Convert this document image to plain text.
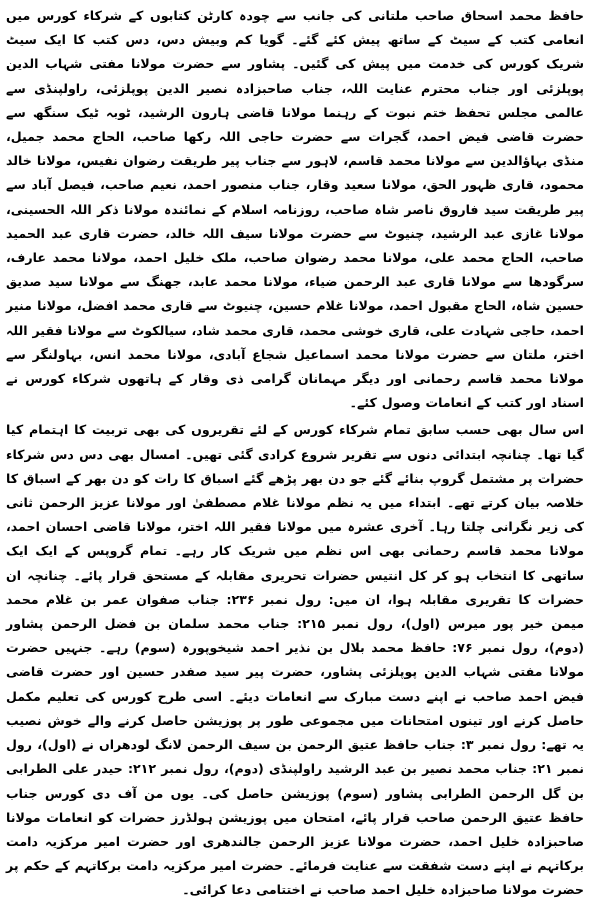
حافظ محمد اسحاق صاحب ملتانی کی جانب سے چودہ کارٹن کتابوں کے شرکاء کورس میں انعامی کتب کے سیٹ کے ساتھ پیش کئے گئے۔ گویا کم وبیش دس، دس کتب کا ایک سیٹ شریک کورس کی خدمت میں پیش کی گئیں۔ پشاور سے حضرت مولانا مفتی شہاب الدین پوپلزئی اور جناب محترم عنایت اللہ، جناب صاحبزادہ نصیر الدین پوپلزئی، راولپنڈی سے عالمی مجلس تحفظ ختم نبوت کے رہنما مولانا قاضی ہارون الرشید، ٹوبہ ٹیک سنگھ سے حضرت قاضی فیض احمد، گجرات سے حضرت حاجی اللہ رکھا صاحب، الحاج محمد جمیل، منڈی بہاؤالدین سے مولانا محمد قاسم، لاہور سے جناب پیر طریقت رضوان نفیس، مولانا خالد محمود، قاری ظہور الحق، مولانا سعید وقار، جناب منصور احمد، نعیم صاحب، فیصل آباد سے پیر طریقت سید فاروق ناصر شاہ صاحب، روزنامہ اسلام کے نمائندہ مولانا ذکر اللہ الحسینی، مولانا غازی عبد الرشید، چنیوٹ سے حضرت مولانا سیف اللہ خالد، حضرت قاری عبد الحمید صاحب، الحاج محمد علی، مولانا محمد رضوان صاحب، ملک خلیل احمد، مولانا محمد عارف، سرگودھا سے مولانا قاری عبد الرحمن ضیاء، مولانا محمد عابد، جھنگ سے مولانا سید صدیق حسین شاہ، الحاج مقبول احمد، مولانا غلام حسین، چنیوٹ سے قاری محمد افضل، مولانا منیر احمد، حاجی شہادت علی، قاری خوشی محمد، قاری محمد شاد، سیالکوٹ سے مولانا فقیر اللہ اختر، ملتان سے حضرت مولانا محمد اسماعیل شجاع آبادی، مولانا محمد انس، بہاولنگر سے مولانا محمد قاسم رحمانی اور دیگر مہمانان گرامی ذی وقار کے ہاتھوں شرکاء کورس نے اسناد اور کتب کے انعامات وصول کئے۔

اس سال بھی حسب سابق تمام شرکاء کورس کے لئے تقریروں کی بھی تربیت کا اہتمام کیا گیا تھا۔ چنانچہ ابتدائی دنوں سے تقریر شروع کرادی گئی تھیں۔ امسال بھی دس دس شرکاء حضرات پر مشتمل گروپ بنائے گئے جو دن بھر پڑھے گئے اسباق کا رات کو دن بھر کے اسباق کا خلاصہ بیان کرتے تھے۔ ابتداء میں یہ نظم مولانا غلام مصطفیٰ اور مولانا عزیز الرحمن ثانی کی زیر نگرانی چلتا رہا۔ آخری عشرہ میں مولانا فقیر اللہ اختر، مولانا قاضی احسان احمد، مولانا محمد قاسم رحمانی بھی اس نظم میں شریک کار رہے۔ تمام گروپس کے ایک ایک ساتھی کا انتخاب ہو کر کل انتیس حضرات تحریری مقابلہ کے مستحق قرار پائے۔ چنانچہ ان حضرات کا تقریری مقابلہ ہوا، ان میں: رول نمبر ۲۳۶: جناب صفوان عمر بن غلام محمد میمن خیر پور میرس (اول)، رول نمبر ۲۱۵: جناب محمد سلمان بن فضل الرحمن پشاور (دوم)، رول نمبر ۷۶: حافظ محمد بلال بن نذیر احمد شیخوپورہ (سوم) رہے۔ جنہیں حضرت مولانا مفتی شہاب الدین پوپلزئی پشاور، حضرت پیر سید صفدر حسین اور حضرت قاضی فیض احمد صاحب نے اپنے دست مبارک سے انعامات دیئے۔ اسی طرح کورس کی تعلیم مکمل حاصل کرنے اور تینوں امتحانات میں مجموعی طور پر پوزیشن حاصل کرنے والے خوش نصیب یہ تھے: رول نمبر ۳: جناب حافظ عتیق الرحمن بن سیف الرحمن لانگ لودھراں نے (اول)، رول نمبر ۲۱: جناب محمد نصیر بن عبد الرشید راولپنڈی (دوم)، رول نمبر ۲۱۲: حیدر علی الطرابی بن گل الرحمن الطرابی پشاور (سوم) پوزیشن حاصل کی۔ یوں من آف دی کورس جناب حافظ عتیق الرحمن صاحب قرار پائے، امتحان میں پوزیشن ہولڈرز حضرات کو انعامات مولانا صاحبزادہ خلیل احمد، حضرت مولانا عزیز الرحمن جالندھری اور حضرت امیر مرکزیہ دامت برکاتہم نے اپنے دست شفقت سے عنایت فرمائے۔ حضرت امیر مرکزیہ دامت برکاتہم کے حکم پر حضرت مولانا صاحبزادہ خلیل احمد صاحب نے اختتامی دعا کرائی۔
